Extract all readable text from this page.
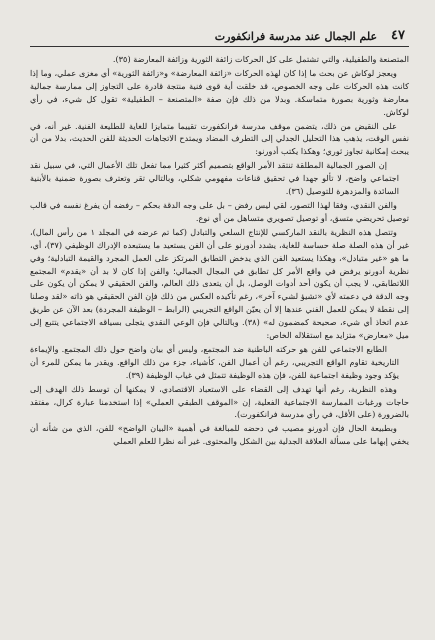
٤٧
علم الجمال عند مدرسة فرانكفورت

المتصنعة والطفيلية، والتي تشتمل على كل الحركات زائفة الثورية وزائفة المعارضة (٣٥).

ويعجز لوكاش عن بحث ما إذا كان لهذه الحركات «زائفة المعارضة» و«زائفة الثورية» أي مغزى عملي، وما إذا كانت هذه الحركات على وجه الخصوص، قد خلقت أية قوى فنية منتجة قادرة على التجاوز إلى ممارسة جمالية معارضة وثورية بصورة متماسكة. وبدلا من ذلك فإن صفة «المتصنعة – الطفيلية» تقول كل شيء، في رأي لوكاش.

على النقيض من ذلك، يتضمن موقف مدرسة فرانكفورت تقييما متمايزا للغاية للطليعة الفنية. غير أنه، في نفس الوقت، يذهب هذا التحليل الجدلي إلى التطرف المضاد ويمتدح الاتجاهات الحديثة للفن الحديث، بدلا من أن يبحث إمكانية تجاوز ثوري؛ وهكذا يكتب أدورنو:

إن الصور الجمالية المطلقة تنتقد الأمر الواقع بتصميم أكثر كثيرا مما تفعل تلك الأعمال التي، في سبيل نقد اجتماعي واضح، لا تألو جهدا في تحقيق قناعات مفهومي شكلي، وبالتالي تقر وتعترف بصورة ضمنية بالأبنية السائدة والمزدهرة للتوصيل (٣٦).

والفن النقدي، وفقا لهذا التصور، لقي ليس رفض – بل على وجه الدقة بحكم – رفضه أن يفرغ نفسه في قالب توصيل تحريضي متسق، أو توصيل تصويري متساهل من أي نوع.

وتتصل هذه النظرية بالنقد الماركسي للإنتاج السلعي والتبادل (كما تم عرضه في المجلد ١ من رأس المال)، غير أن هذه الصلة صلة حساسة للغاية، يشدد أدورنو على أن الفن يستعيد ما يستبعده الإدراك الوظيفي (٣٧)، أي، ما هو «غير متبادل»، وهكذا يستعيد الفن الذي يدخض التطابق المرتكز على العمل المجرد والقيمة التبادلية؛ وفي نظرية أدورنو يرفض في واقع الأمر كل تطابق في المجال الجمالي؛ والفن إذا كان لا بد أن «يقدم» المجتمع اللاتطابقي، لا يجب أن يكون أحد أدوات الوصل، بل أن يتعدى ذلك العالم، والفن الحقيقي لا يمكن أن يكون على وجه الدقة في دعمته لأي «تشيؤ لشيء آخر»، رغم تأكيده العكس من ذلك فإن الفن الحقيقي هو ذاته «لقد وصلنا إلى نقطة لا يمكن للعمل الفني عندها إلا أن يعيّن الواقع التجريبي (الرابط – الوظيفة المجردة) بعد الآن عن طريق عدم اتخاذ أي شيء، صحيحة كمضمون له» (٣٨). وبالتالي فإن الوعي النقدي يتجلى بسياقه الاجتماعي يتتبع إلى ميل «معارض» متزايد مع استقلاله الخاص:

الطابع الاجتماعي للفن هو حركته الباطنية ضد المجتمع، وليس أي بيان واضح حول ذلك المجتمع. والإيماءة التاريخية تقاوم الواقع التجريبي، رغم أن أعمال الفن، كأشياء، جزء من ذلك الواقع. ويقدر ما يمكن للمرء أن يؤكد وجود وظيفة اجتماعية للفن، فإن هذه الوظيفة تتمثل في غياب الوظيفة (٣٩).

وهذه النظرية، رغم أنها تهدف إلى القضاء على الاستعباد الاقتصادي، لا يمكنها أن توسط ذلك الهدف إلى حاجات ورغبات الممارسة الاجتماعية الفعلية، إن «الموقف الطبقي العملي» إذا استخدمنا عبارة كرال، مفتقد بالضرورة (على الأقل، في رأي مدرسة فرانكفورت).

وبطبيعة الحال فإن أدورنو مصيب في دحضه للمبالغة في أهمية «البيان الواضح» للفن، الذي من شأنه أن يخفي إبهاما على مسألة العلاقة الجدلية بين الشكل والمحتوى. غير أنه نظرا للعلم العملي
